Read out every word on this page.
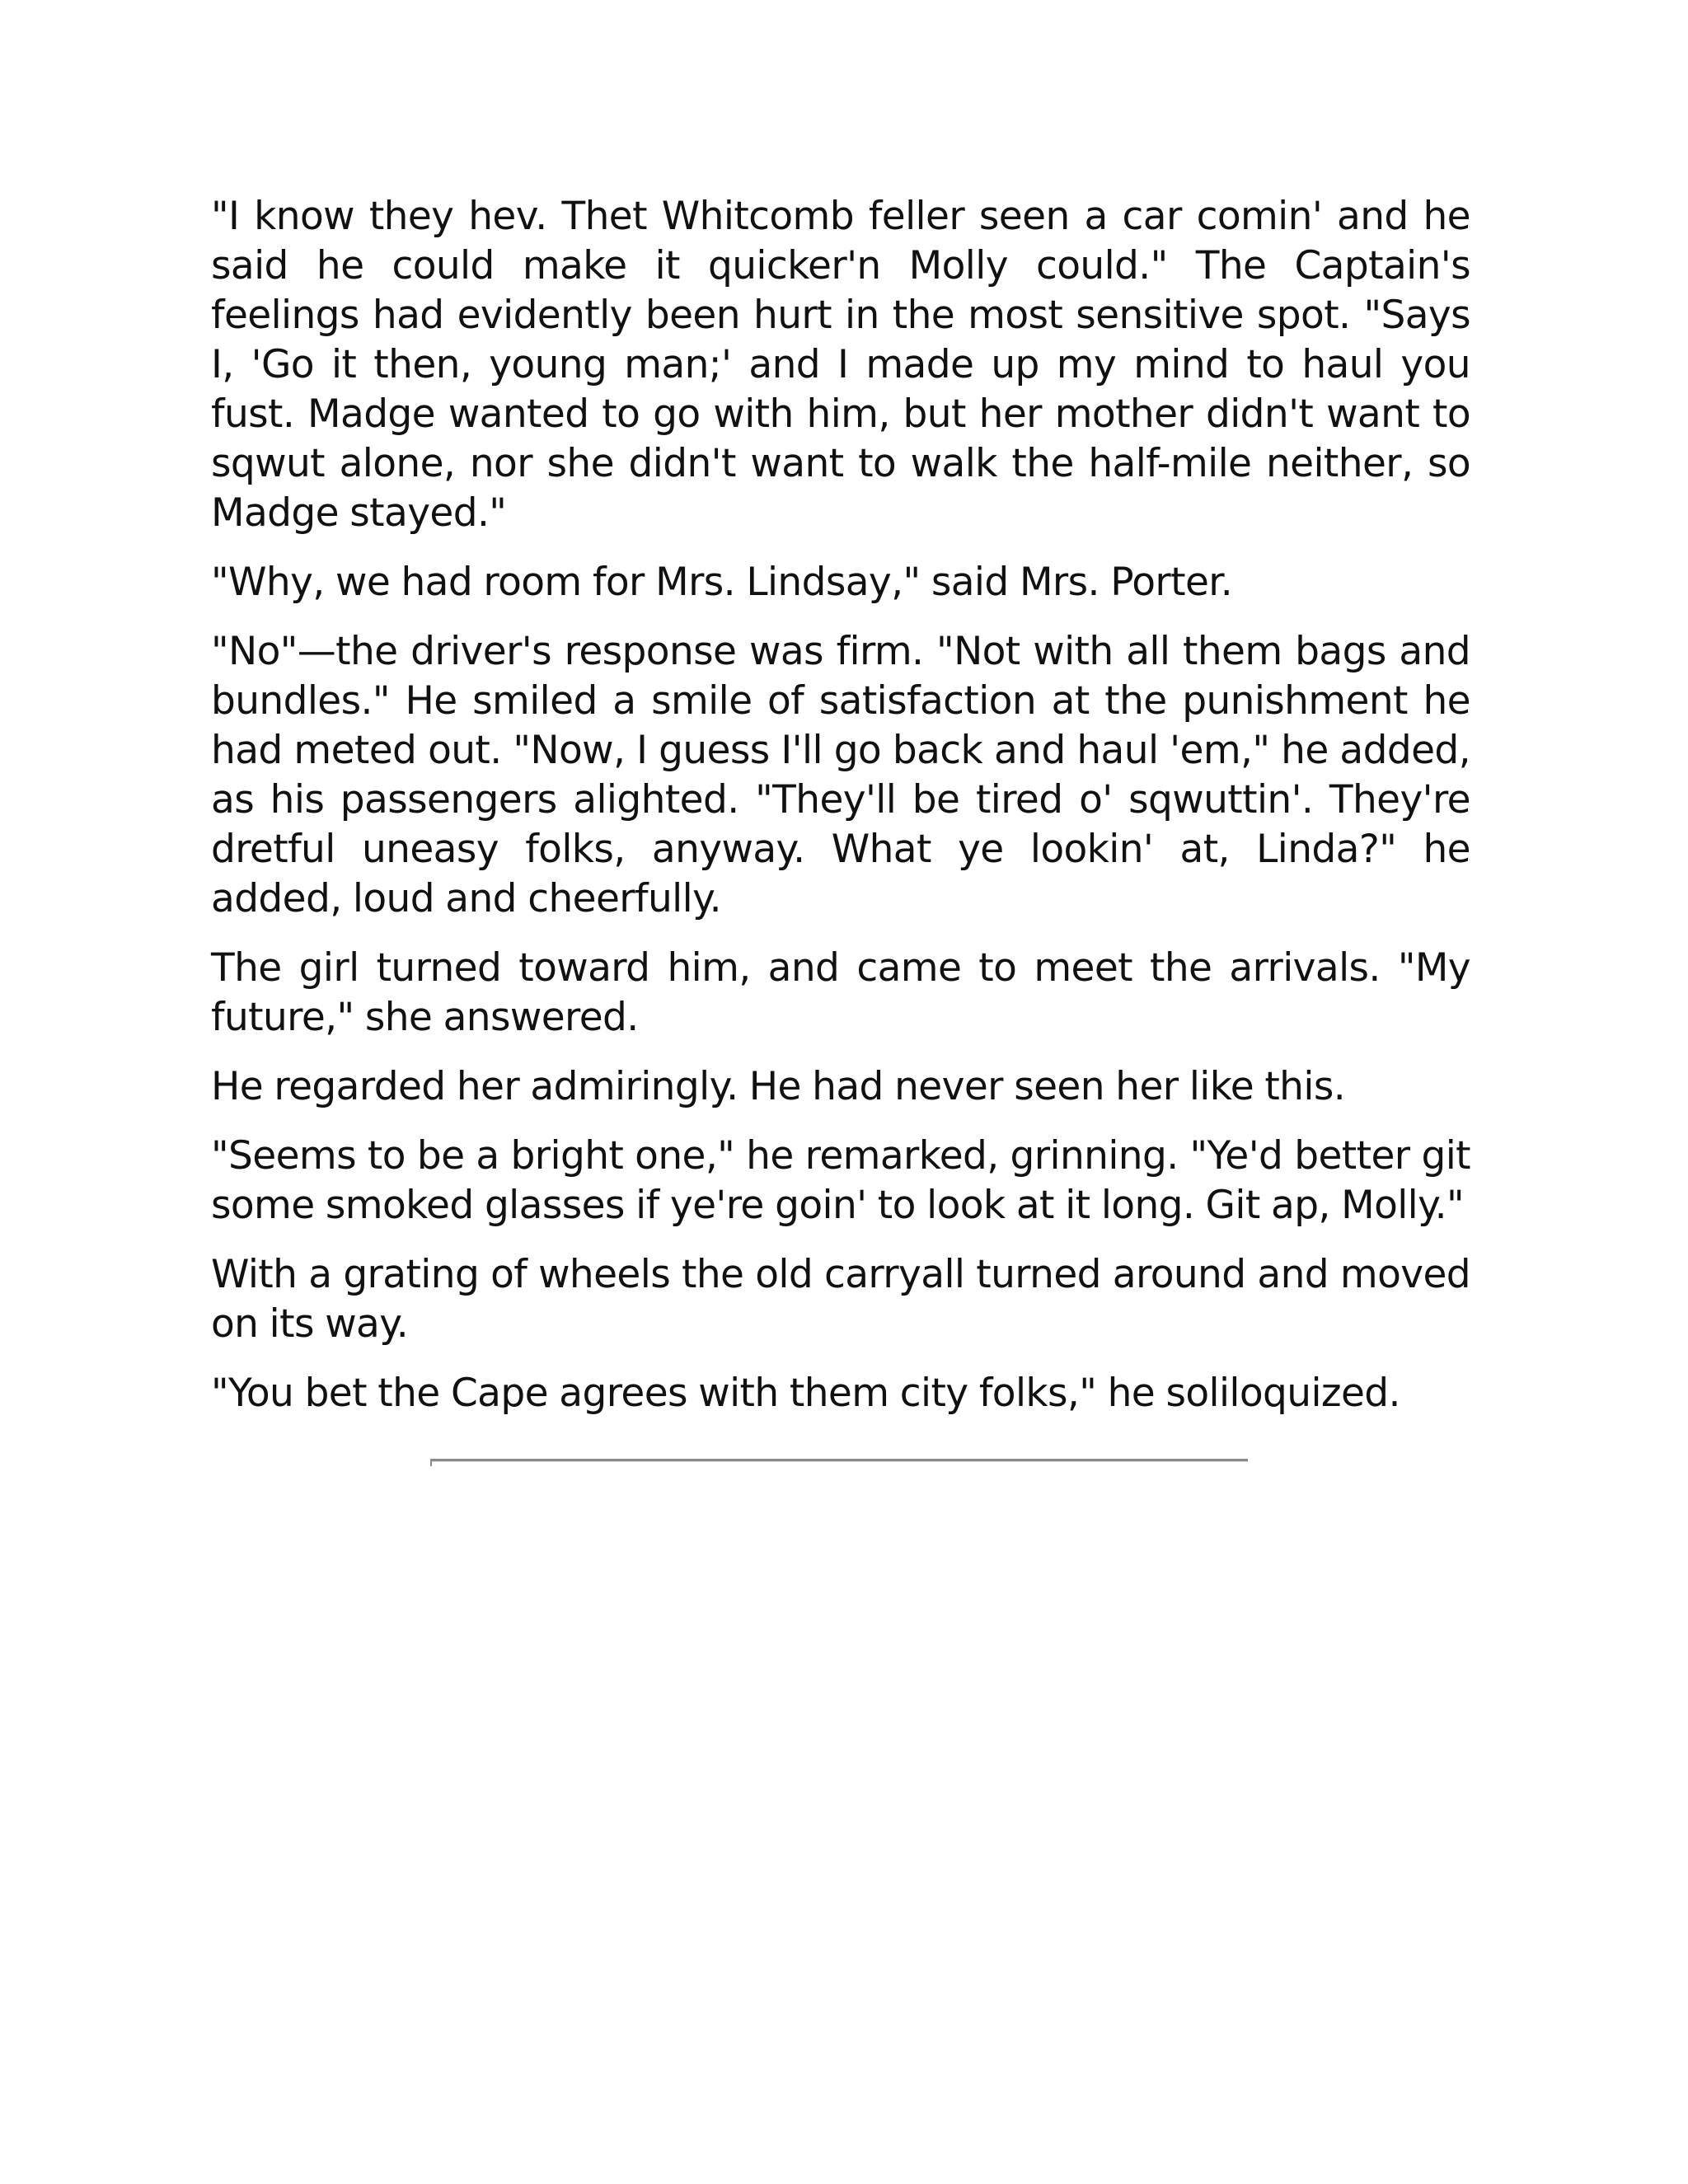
"I know they hev. Thet Whitcomb feller seen a car comin' and he said he could make it quicker'n Molly could." The Captain's feelings had evidently been hurt in the most sensitive spot. "Says I, 'Go it then, young man;' and I made up my mind to haul you fust. Madge wanted to go with him, but her mother didn't want to sqwut alone, nor she didn't want to walk the half-mile neither, so Madge stayed."

"Why, we had room for Mrs. Lindsay," said Mrs. Porter.

"No"—the driver's response was firm. "Not with all them bags and bundles." He smiled a smile of satisfaction at the punishment he had meted out. "Now, I guess I'll go back and haul 'em," he added, as his passengers alighted. "They'll be tired o' sqwuttin'. They're dretful uneasy folks, anyway. What ye lookin' at, Linda?" he added, loud and cheerfully.

The girl turned toward him, and came to meet the arrivals. "My future," she answered.

He regarded her admiringly. He had never seen her like this.

"Seems to be a bright one," he remarked, grinning. "Ye'd better git some smoked glasses if ye're goin' to look at it long. Git ap, Molly."

With a grating of wheels the old carryall turned around and moved on its way.

"You bet the Cape agrees with them city folks," he soliloquized.
